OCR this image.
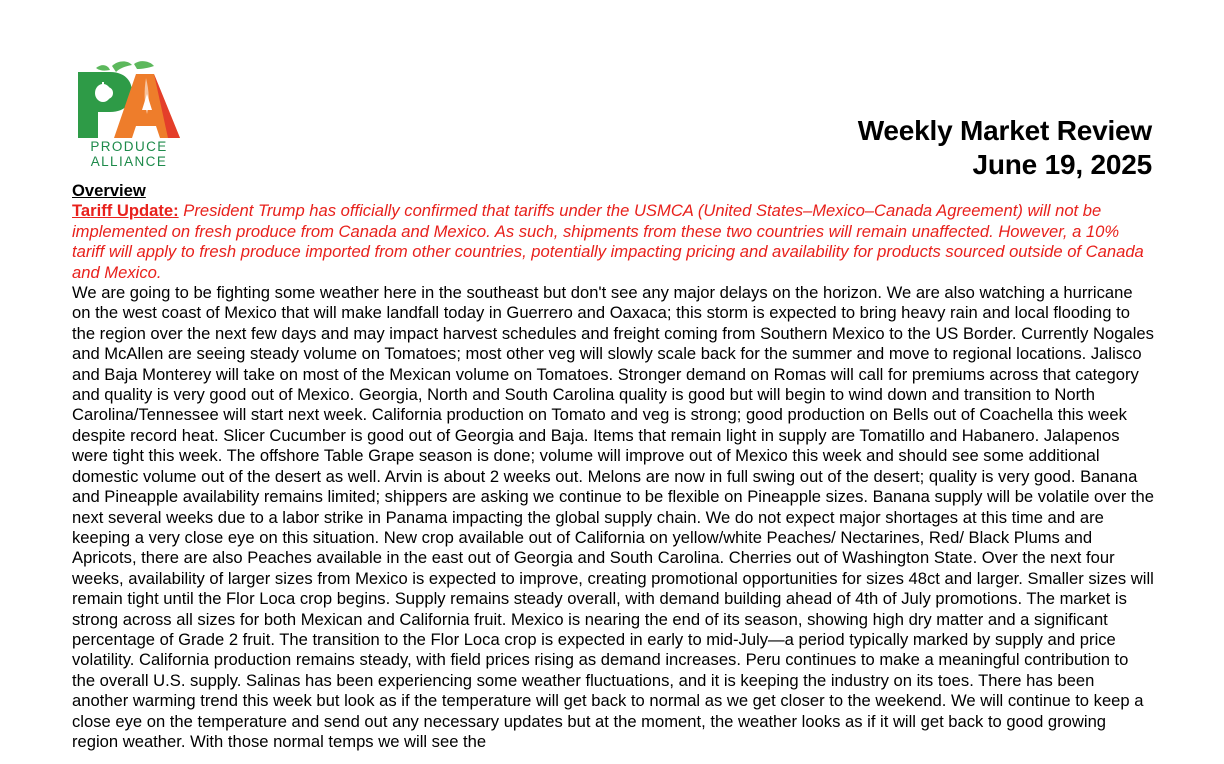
PRODUCE
ALLIANCE
Weekly Market Review
June 19, 2025

Overview

Tariff Update: President Trump has officially confirmed that tariffs under the USMCA (United States–Mexico–Canada Agreement) will not be implemented on fresh produce from Canada and Mexico. As such, shipments from these two countries will remain unaffected. However, a 10% tariff will apply to fresh produce imported from other countries, potentially impacting pricing and availability for products sourced outside of Canada and Mexico.

We are going to be fighting some weather here in the southeast but don't see any major delays on the horizon. We are also watching a hurricane on the west coast of Mexico that will make landfall today in Guerrero and Oaxaca; this storm is expected to bring heavy rain and local flooding to the region over the next few days and may impact harvest schedules and freight coming from Southern Mexico to the US Border. Currently Nogales and McAllen are seeing steady volume on Tomatoes; most other veg will slowly scale back for the summer and move to regional locations. Jalisco and Baja Monterey will take on most of the Mexican volume on Tomatoes. Stronger demand on Romas will call for premiums across that category and quality is very good out of Mexico. Georgia, North and South Carolina quality is good but will begin to wind down and transition to North Carolina/Tennessee will start next week. California production on Tomato and veg is strong; good production on Bells out of Coachella this week despite record heat. Slicer Cucumber is good out of Georgia and Baja. Items that remain light in supply are Tomatillo and Habanero. Jalapenos were tight this week. The offshore Table Grape season is done; volume will improve out of Mexico this week and should see some additional domestic volume out of the desert as well. Arvin is about 2 weeks out. Melons are now in full swing out of the desert; quality is very good. Banana and Pineapple availability remains limited; shippers are asking we continue to be flexible on Pineapple sizes. Banana supply will be volatile over the next several weeks due to a labor strike in Panama impacting the global supply chain. We do not expect major shortages at this time and are keeping a very close eye on this situation. New crop available out of California on yellow/white Peaches/ Nectarines, Red/ Black Plums and Apricots, there are also Peaches available in the east out of Georgia and South Carolina. Cherries out of Washington State. Over the next four weeks, availability of larger sizes from Mexico is expected to improve, creating promotional opportunities for sizes 48ct and larger. Smaller sizes will remain tight until the Flor Loca crop begins. Supply remains steady overall, with demand building ahead of 4th of July promotions. The market is strong across all sizes for both Mexican and California fruit. Mexico is nearing the end of its season, showing high dry matter and a significant percentage of Grade 2 fruit. The transition to the Flor Loca crop is expected in early to mid-July—a period typically marked by supply and price volatility. California production remains steady, with field prices rising as demand increases. Peru continues to make a meaningful contribution to the overall U.S. supply. Salinas has been experiencing some weather fluctuations, and it is keeping the industry on its toes. There has been another warming trend this week but look as if the temperature will get back to normal as we get closer to the weekend. We will continue to keep a close eye on the temperature and send out any necessary updates but at the moment, the weather looks as if it will get back to good growing region weather. With those normal temps we will see the
